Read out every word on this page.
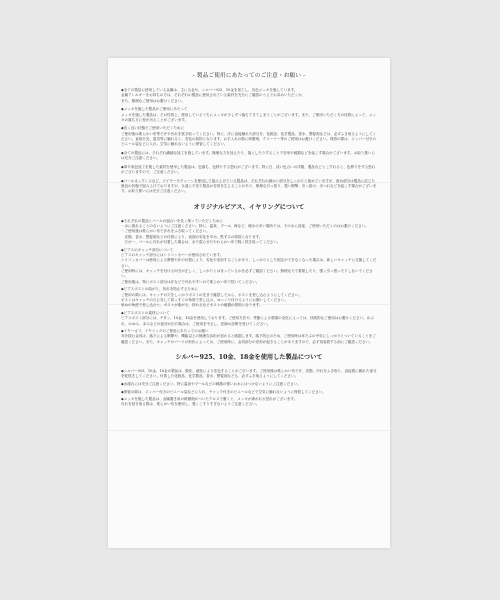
- 製品ご使用にあたってのご注意・お願い -
◆全ての製品に使用している金属は、主に合金や、シルバー925、10金を加工し、各色メッキを施しています。
金属アレルギーをお持ちの方は、それぞれの製品に使用されている素材を充分にご確認のうえでお求めいただくか、
また、無理なご使用はお避けください。
◆メッキを施した製品のご使用にあたって
メッキを施した製品は、その性質上、使用しているうちにメッキが少しずつ落ちてきてしまうことがございます。また、ご使用いただく方の体質によって、メッキの落ち方に差が出ることがございます。
◆長く良い状態でご使用いただくために
ご使用後は柔らかい布等で汗や汚れを拭き取ってください。特に、汗に直接触れた部分を、化粧品、化学製品、香水、整髪剤などは、必ずふき取るようにしてください。直射日光、湿気等に触れると、変色の原因となります。お手入れの際に研磨剤、クリーナー等のご使用はお避けください。保管の際は、ジッパー付きのビニール袋などに入れ、空気に触れないように保管してください。
◆全ての製品には、それぞれ繊細な加工を施しています。無理な力を加えたり、落としたりすることで変形や破損などを起こす場合がございます。お取り扱いには充分ご注意ください。
◆革や染色加工を施した素材を使用した製品は、色落ち、色移りする恐れがございます。特に白、淡い色合いの洋服、製品などとこすれると、色移りをする恐れがございますので、ご注意ください。
◆パールネックレスなど、ワイヤーやチェーンを使用して組み上げている製品は、それぞれの細かい部分をしっかりと留めていますが、留め部分は製品に応じた最良の状態で組み上げておりますが、永遠に不変で製品の変形を生じることがあり、無理な引っ張り、強い衝撃、引っ掛け、ほつれなどを起こす場合がございます。お取り扱いには充分ご注意ください。
オリジナルピアス、イヤリングについて
◆それぞれの製品とパールの風合いを長く保っていただくために
・水に濡れることのないようにご注意ください。特に、温泉、プール、海など、硬水の多い場所では、その水に直接、ご使用いただくのはお避けください。
・ご使用後は柔らかい布で汗れをふき取ってください。
　皮脂、香水、整髪剤などの付着により、表面の劣化を早め、黒ずみの原因となります。
　万が一、パールに汚れが付着した場合は、水で湿らせたやわらかい布で軽く拭き取ってください。
◆ピアスのキャッチ部分について
ピアスのキャッチ部分にはシリコンカバーが使用されています。
シリコンカバーは使用による摩擦や汗の付着により、劣化や変形することがあり、しっかりとした固定ができなくなった場合は、新しいキャッチに交換してください。
ご使用時には、キャッチを付ける向きが正しく、しっかりとはまっているかを必ずご確認ください。無理な力で着脱したり、強く引っ張ったりしないでください。
ご使用後は、特にポスト部分は汗などで汚れやすいので柔らかい布で拭いてください。
◆ピアスポストの曲がり、折れを防止するために
ご使用の際には、キャッチの穴をしっかりポストの先まで確認してから、ポストを差し込むようにしてください。
ポストはキャッチの穴に対して真っすぐの角度で差し込み、ゆっくり付けるようにお願いしてください。
斜めの角度で差し込むと、ポストが曲がる、折れるなどポストの破損の原因になります。
◆ピアスポストの素材について
ピアスポスト部分には、チタン、10金、18金を使用しております。ご使用方法や、季節による環境の変化によっては、持続的なご使用はお避けください。かぶれ、かゆみ、赤みなどの症状が出た場合は、ご使用を中止し、医師の診断を受けてください。
◆イヤーカフ、イヤリングのご使用にあたってのお願い
耳を挟む金具は、落下による衝撃や、機能以上の無理な負担が加わると破損します。落下防止のため、ご使用時は耳たぶの中央にしっかりとついていることをご確認ください。また、キャッチのパーツの形状によっては、ご使用時に、金具部分の変形が起きることがありますので、必ず再装着する前にご確認ください。
シルバー925、10金、18金を使用した製品について
◆シルバー925、10金、18金の製品は、酸化、硫化により変色することがございます。ご使用後は柔らかい布で汗、皮脂、汚れをふき取り、直接肌に触れた部分を乾拭きしてください。付着した化粧品、化学製品、香水、整髪剤なども、必ずふき取るようにしてください。
◆水濡れには充分ご注意ください。特に温泉やプールなどの刺激の強いお水にはつけないようにご注意ください。
◆保管の際は、ジッパー付きのビニール袋などに入れ、チャック付きのビニールなどで空気に触れないように保管してください。
◆メッキを施した製品は、金属磨き用の研磨剤がついたクロスで磨くと、メッキが剥がれる恐れがございます。
汚れを拭き取る際は、柔らかい布を使用し、強くこすりすぎないようご注意ください。
